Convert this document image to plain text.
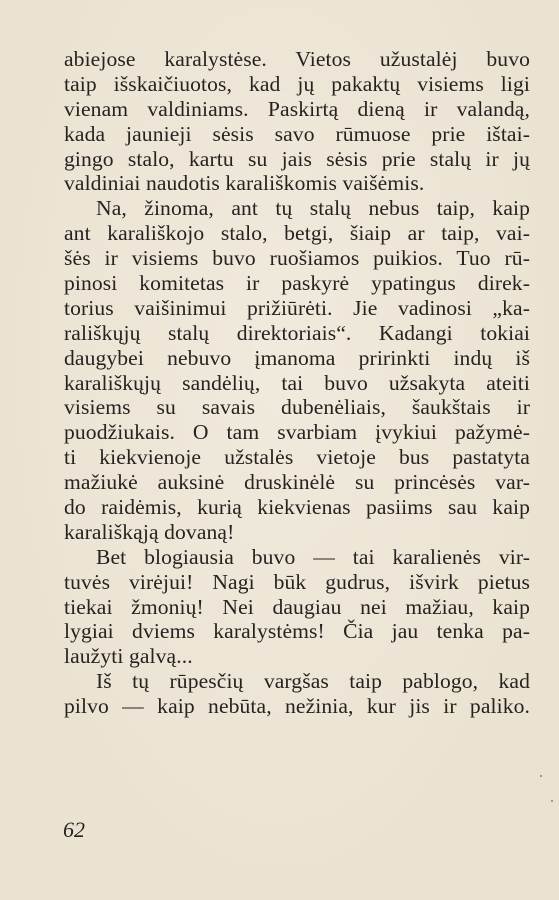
abiejose karalystėse. Vietos užustalėj buvo
taip išskaičiuotos, kad jų pakaktų visiems ligi
vienam valdiniams. Paskirtą dieną ir valandą,
kada jaunieji sėsis savo rūmuose prie ištai-
gingo stalo, kartu su jais sėsis prie stalų ir jų
valdiniai naudotis karališkomis vaišėmis.
Na, žinoma, ant tų stalų nebus taip, kaip
ant karališkojo stalo, betgi, šiaip ar taip, vai-
šės ir visiems buvo ruošiamos puikios. Tuo rū-
pinosi komitetas ir paskyrė ypatingus direk-
torius vaišinimui prižiūrėti. Jie vadinosi „ka-
rališkųjų stalų direktoriais“. Kadangi tokiai
daugybei nebuvo įmanoma pririnkti indų iš
karališkųjų sandėlių, tai buvo užsakyta ateiti
visiems su savais dubenėliais, šaukštais ir
puodžiukais. O tam svarbiam įvykiui pažymė-
ti kiekvienoje užstalės vietoje bus pastatyta
mažiukė auksinė druskinėlė su princėsės var-
do raidėmis, kurią kiekvienas pasiims sau kaip
karališkąją dovaną!
Bet blogiausia buvo — tai karalienės vir-
tuvės virėjui! Nagi būk gudrus, išvirk pietus
tiekai žmonių! Nei daugiau nei mažiau, kaip
lygiai dviems karalystėms! Čia jau tenka pa-
laužyti galvą...
Iš tų rūpesčių vargšas taip pablogo, kad
pilvo — kaip nebūta, nežinia, kur jis ir paliko.
62
